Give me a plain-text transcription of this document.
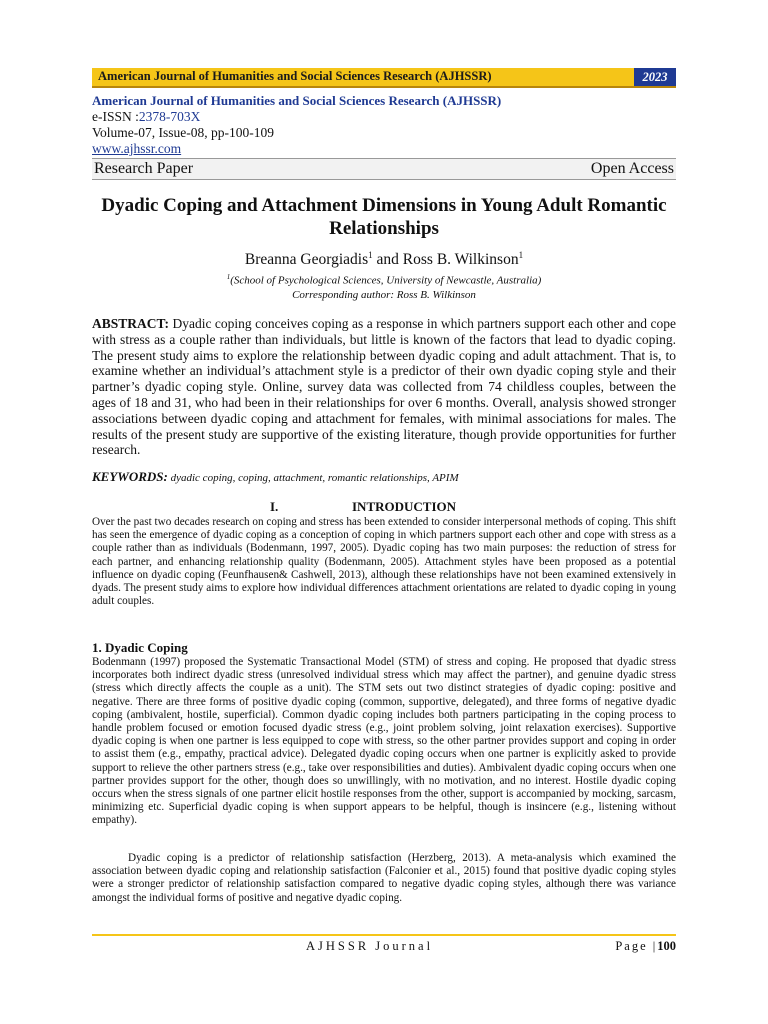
American Journal of Humanities and Social Sciences Research (AJHSSR)	2023
American Journal of Humanities and Social Sciences Research (AJHSSR)
e-ISSN :2378-703X
Volume-07, Issue-08, pp-100-109
www.ajhssr.com
Research Paper	Open Access
Dyadic Coping and Attachment Dimensions in Young Adult Romantic Relationships
Breanna Georgiadis$^1$ and Ross B. Wilkinson$^1$
$^1$(School of Psychological Sciences, University of Newcastle, Australia)
Corresponding author: Ross B. Wilkinson
ABSTRACT: Dyadic coping conceives coping as a response in which partners support each other and cope with stress as a couple rather than individuals, but little is known of the factors that lead to dyadic coping. The present study aims to explore the relationship between dyadic coping and adult attachment. That is, to examine whether an individual’s attachment style is a predictor of their own dyadic coping style and their partner’s dyadic coping style. Online, survey data was collected from 74 childless couples, between the ages of 18 and 31, who had been in their relationships for over 6 months. Overall, analysis showed stronger associations between dyadic coping and attachment for females, with minimal associations for males. The results of the present study are supportive of the existing literature, though provide opportunities for further research.
KEYWORDS: dyadic coping, coping, attachment, romantic relationships, APIM
I.	INTRODUCTION
Over the past two decades research on coping and stress has been extended to consider interpersonal methods of coping. This shift has seen the emergence of dyadic coping as a conception of coping in which partners support each other and cope with stress as a couple rather than as individuals (Bodenmann, 1997, 2005). Dyadic coping has two main purposes: the reduction of stress for each partner, and enhancing relationship quality (Bodenmann, 2005). Attachment styles have been proposed as a potential influence on dyadic coping (Feunfhausen& Cashwell, 2013), although these relationships have not been examined extensively in dyads. The present study aims to explore how individual differences attachment orientations are related to dyadic coping in young adult couples.
1. Dyadic Coping
Bodenmann (1997) proposed the Systematic Transactional Model (STM) of stress and coping. He proposed that dyadic stress incorporates both indirect dyadic stress (unresolved individual stress which may affect the partner), and genuine dyadic stress (stress which directly affects the couple as a unit). The STM sets out two distinct strategies of dyadic coping: positive and negative. There are three forms of positive dyadic coping (common, supportive, delegated), and three forms of negative dyadic coping (ambivalent, hostile, superficial). Common dyadic coping includes both partners participating in the coping process to handle problem focused or emotion focused dyadic stress (e.g., joint problem solving, joint relaxation exercises). Supportive dyadic coping is when one partner is less equipped to cope with stress, so the other partner provides support and coping in order to assist them (e.g., empathy, practical advice). Delegated dyadic coping occurs when one partner is explicitly asked to provide support to relieve the other partners stress (e.g., take over responsibilities and duties). Ambivalent dyadic coping occurs when one partner provides support for the other, though does so unwillingly, with no motivation, and no interest. Hostile dyadic coping occurs when the stress signals of one partner elicit hostile responses from the other, support is accompanied by mocking, sarcasm, minimizing etc. Superficial dyadic coping is when support appears to be helpful, though is insincere (e.g., listening without empathy).
Dyadic coping is a predictor of relationship satisfaction (Herzberg, 2013). A meta-analysis which examined the association between dyadic coping and relationship satisfaction (Falconier et al., 2015) found that positive dyadic coping styles were a stronger predictor of relationship satisfaction compared to negative dyadic coping styles, although there was variance amongst the individual forms of positive and negative dyadic coping.
AJHSSR Journal	Page |100
